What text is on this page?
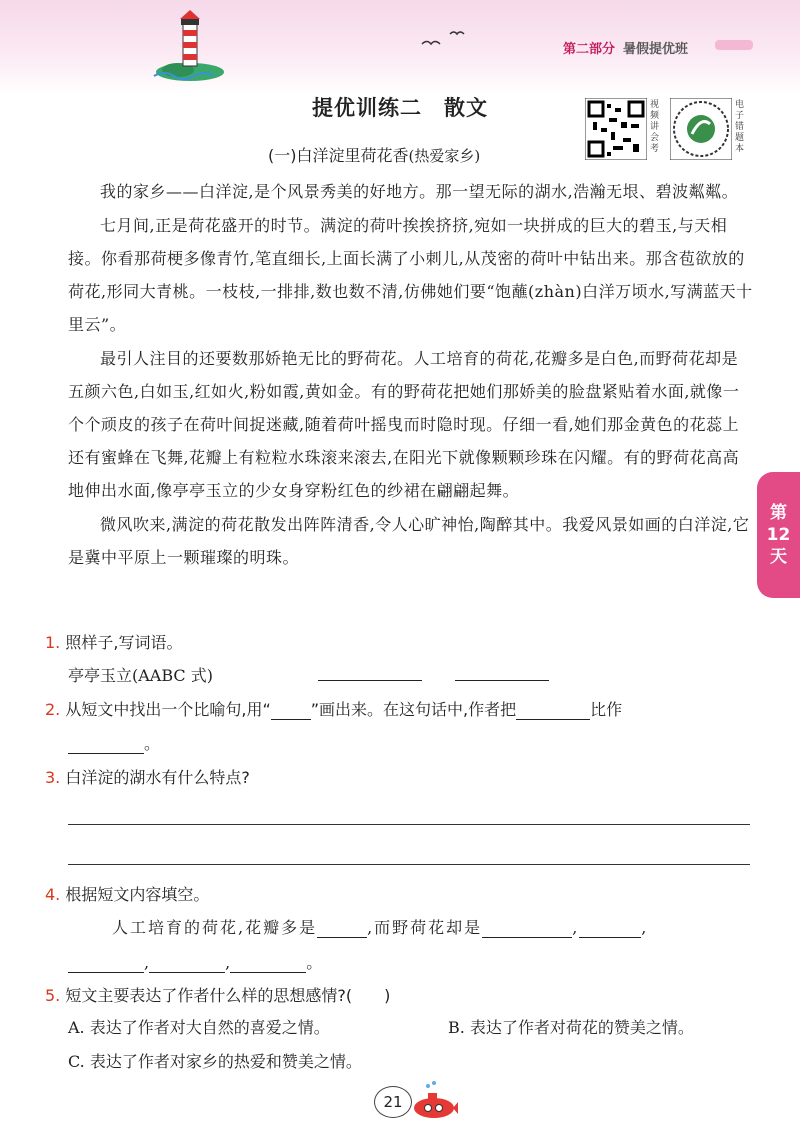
第二部分 暑假提优班
提优训练二　散文	视频讲会考
电子错题本
(一)白洋淀里荷花香(热爱家乡)

我的家乡——白洋淀,是个风景秀美的好地方。那一望无际的湖水,浩瀚无垠、碧波粼粼。

七月间,正是荷花盛开的时节。满淀的荷叶挨挨挤挤,宛如一块拼成的巨大的碧玉,与天相接。你看那荷梗多像青竹,笔直细长,上面长满了小刺儿,从茂密的荷叶中钻出来。那含苞欲放的荷花,形同大青桃。一枝枝,一排排,数也数不清,仿佛她们要“饱蘸(zhàn)白洋万顷水,写满蓝天十里云”。

最引人注目的还要数那娇艳无比的野荷花。人工培育的荷花,花瓣多是白色,而野荷花却是五颜六色,白如玉,红如火,粉如霞,黄如金。有的野荷花把她们那娇美的脸盘紧贴着水面,就像一个个顽皮的孩子在荷叶间捉迷藏,随着荷叶摇曳而时隐时现。仔细一看,她们那金黄色的花蕊上还有蜜蜂在飞舞,花瓣上有粒粒水珠滚来滚去,在阳光下就像颗颗珍珠在闪耀。有的野荷花高高地伸出水面,像亭亭玉立的少女身穿粉红色的纱裙在翩翩起舞。

微风吹来,满淀的荷花散发出阵阵清香,令人心旷神怡,陶醉其中。我爱风景如画的白洋淀,它是冀中平原上一颗璀璨的明珠。

1. 照样子,写词语。
亭亭玉立(AABC 式)
2. 从短文中找出一个比喻句,用“	”画出来。在这句话中,作者把	比作
。
3. 白洋淀的湖水有什么特点?
4. 根据短文内容填空。
人工培育的荷花,花瓣多是	,而野荷花却是	,	,
,	,	。
5. 短文主要表达了作者什么样的思想感情?(　　)
A. 表达了作者对大自然的喜爱之情。	B. 表达了作者对荷花的赞美之情。
C. 表达了作者对家乡的热爱和赞美之情。
第
12
天
21
